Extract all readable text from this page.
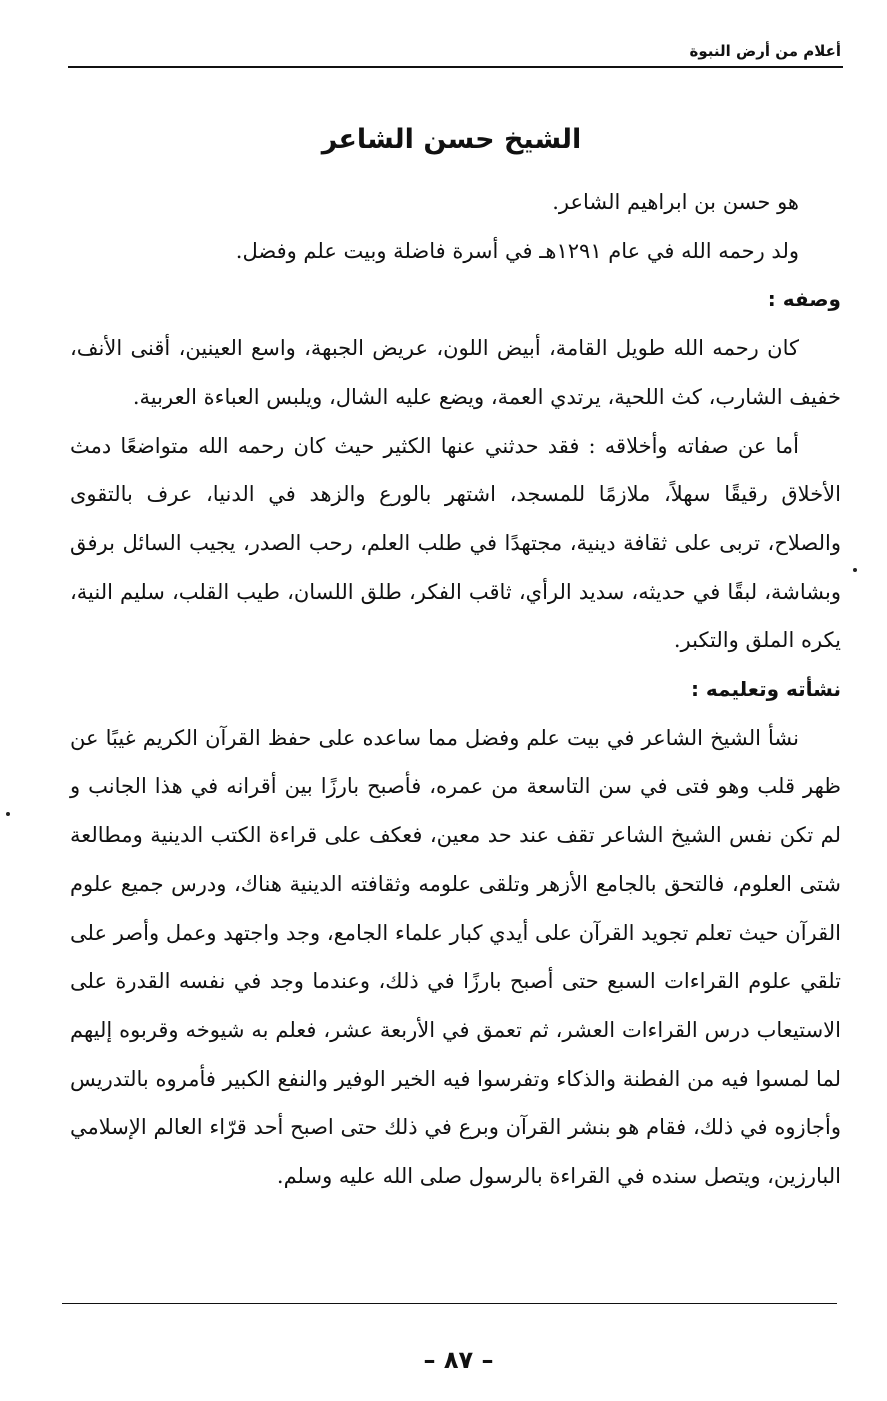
أعلام من أرض النبوة
الشيخ حسن الشاعر

هو حسن بن ابراهيم الشاعر.

ولد رحمه الله في عام ١٢٩١هـ في أسرة فاضلة وبيت علم وفضل.

وصفه :

كان رحمه الله طويل القامة، أبيض اللون، عريض الجبهة، واسع العينين، أقنى الأنف، خفيف الشارب، كث اللحية، يرتدي العمة، ويضع عليه الشال، ويلبس العباءة العربية.

أما عن صفاته وأخلاقه : فقد حدثني عنها الكثير حيث كان رحمه الله متواضعًا دمث الأخلاق رقيقًا سهلاً، ملازمًا للمسجد، اشتهر بالورع والزهد في الدنيا، عرف بالتقوى والصلاح، تربى على ثقافة دينية، مجتهدًا في طلب العلم، رحب الصدر، يجيب السائل برفق وبشاشة، لبقًا في حديثه، سديد الرأي، ثاقب الفكر، طلق اللسان، طيب القلب، سليم النية، يكره الملق والتكبر.

نشأته وتعليمه :

نشأ الشيخ الشاعر في بيت علم وفضل مما ساعده على حفظ القرآن الكريم غيبًا عن ظهر قلب وهو فتى في سن التاسعة من عمره، فأصبح بارزًا بين أقرانه في هذا الجانب و لم تكن نفس الشيخ الشاعر تقف عند حد معين، فعكف على قراءة الكتب الدينية ومطالعة شتى العلوم، فالتحق بالجامع الأزهر وتلقى علومه وثقافته الدينية هناك، ودرس جميع علوم القرآن حيث تعلم تجويد القرآن على أيدي كبار علماء الجامع، وجد واجتهد وعمل وأصر على تلقي علوم القراءات السبع حتى أصبح بارزًا في ذلك، وعندما وجد في نفسه القدرة على الاستيعاب درس القراءات العشر، ثم تعمق في الأربعة عشر، فعلم به شيوخه وقربوه إليهم لما لمسوا فيه من الفطنة والذكاء وتفرسوا فيه الخير الوفير والنفع الكبير فأمروه بالتدريس وأجازوه في ذلك، فقام هو بنشر القرآن وبرع في ذلك حتى اصبح أحد قرّاء العالم الإسلامي البارزين، ويتصل سنده في القراءة بالرسول صلى الله عليه وسلم.

– ٨٧ –
